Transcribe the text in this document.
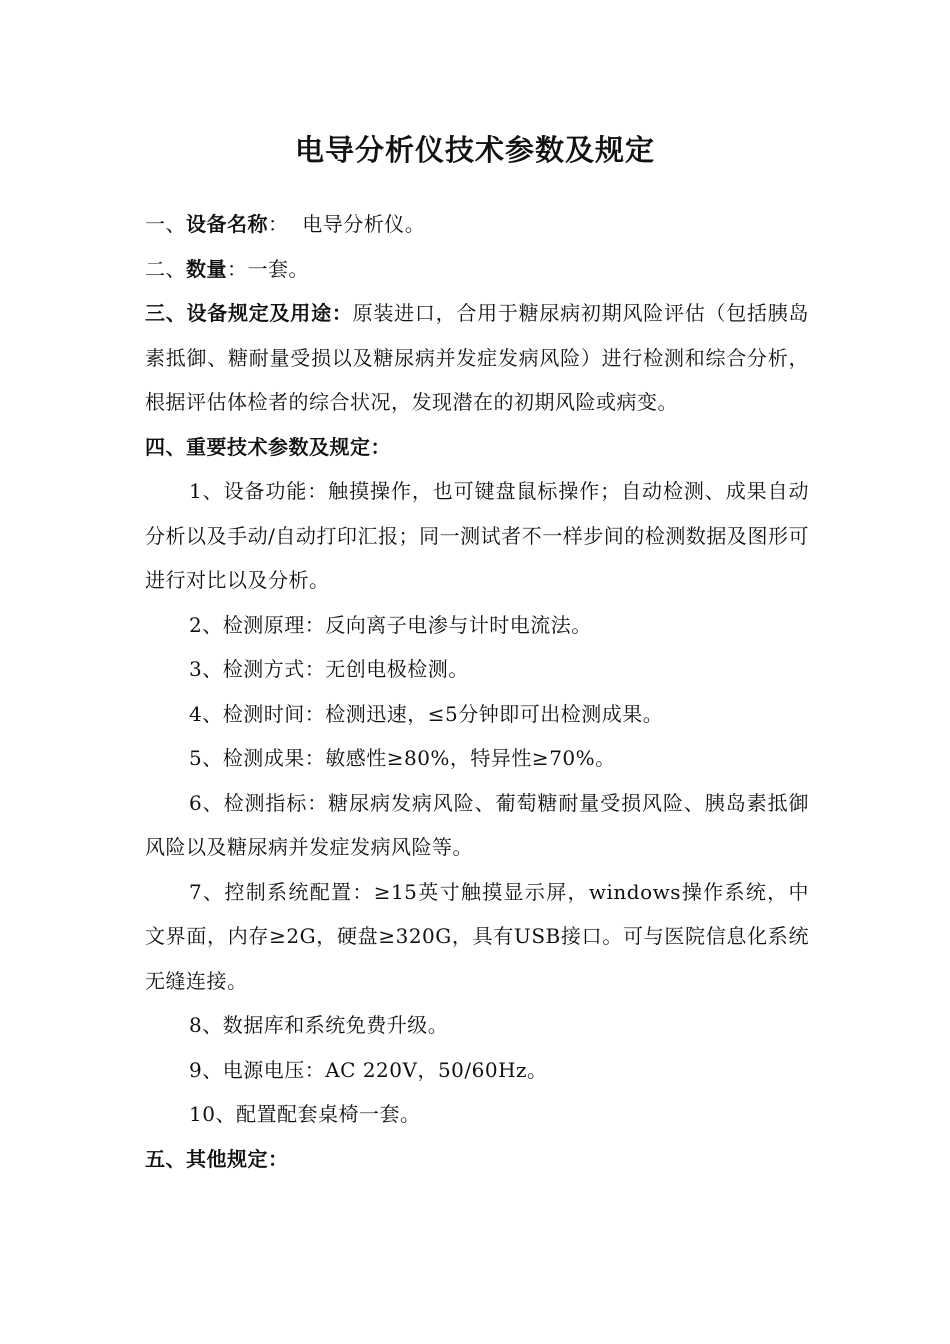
电导分析仪技术参数及规定

一、设备名称：  电导分析仪。

二、数量：一套。

三、设备规定及用途：原装进口，合用于糖尿病初期风险评估（包括胰岛素抵御、糖耐量受损以及糖尿病并发症发病风险）进行检测和综合分析，根据评估体检者的综合状况，发现潜在的初期风险或病变。

四、重要技术参数及规定：

1、设备功能：触摸操作，也可键盘鼠标操作；自动检测、成果自动分析以及手动/自动打印汇报；同一测试者不一样步间的检测数据及图形可进行对比以及分析。

2、检测原理：反向离子电渗与计时电流法。

3、检测方式：无创电极检测。

4、检测时间：检测迅速，≤5分钟即可出检测成果。

5、检测成果：敏感性≥80%，特异性≥70%。

6、检测指标：糖尿病发病风险、葡萄糖耐量受损风险、胰岛素抵御风险以及糖尿病并发症发病风险等。

7、控制系统配置：≥15英寸触摸显示屏，windows操作系统，中文界面，内存≥2G，硬盘≥320G，具有USB接口。可与医院信息化系统无缝连接。

8、数据库和系统免费升级。

9、电源电压：AC 220V，50/60Hz。

10、配置配套桌椅一套。

五、其他规定：
